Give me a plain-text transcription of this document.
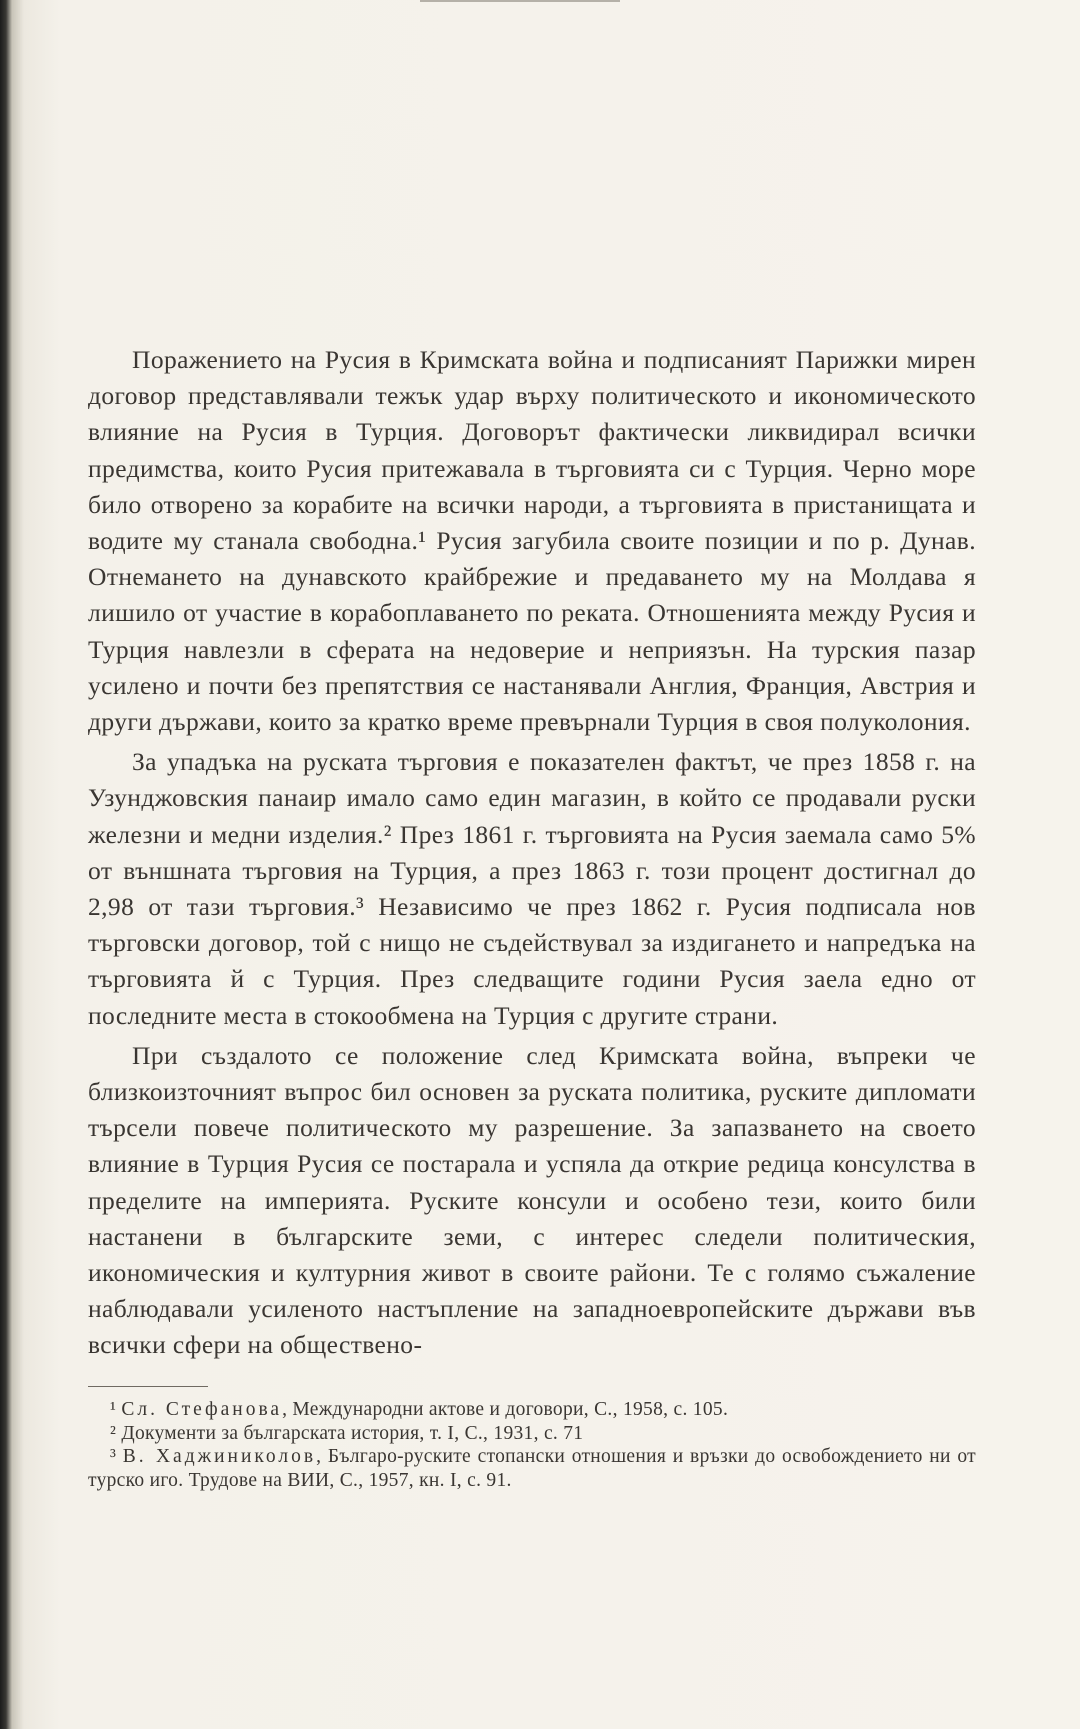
Поражението на Русия в Кримската война и подписаният Парижки мирен договор представлявали тежък удар върху политическото и икономическото влияние на Русия в Турция. Договорът фактически ликвидирал всички предимства, които Русия притежавала в търговията си с Турция. Черно море било отворено за корабите на всички народи, а търговията в пристанищата и водите му станала свободна.¹ Русия загубила своите позиции и по р. Дунав. Отнемането на дунавското крайбрежие и предаването му на Молдава я лишило от участие в корабоплаването по реката. Отношенията между Русия и Турция навлезли в сферата на недоверие и неприязън. На турския пазар усилено и почти без препятствия се настанявали Англия, Франция, Австрия и други държави, които за кратко време превърнали Турция в своя полуколония.

За упадъка на руската търговия е показателен фактът, че през 1858 г. на Узунджовския панаир имало само един магазин, в който се продавали руски железни и медни изделия.² През 1861 г. търговията на Русия заемала само 5% от външната търговия на Турция, а през 1863 г. този процент достигнал до 2,98 от тази търговия.³ Независимо че през 1862 г. Русия подписала нов търговски договор, той с нищо не съдействувал за издигането и напредъка на търговията й с Турция. През следващите години Русия заела едно от последните места в стокообмена на Турция с другите страни.

При създалото се положение след Кримската война, въпреки че близкоизточният въпрос бил основен за руската политика, руските дипломати търсели повече политическото му разрешение. За запазването на своето влияние в Турция Русия се постарала и успяла да открие редица консулства в пределите на империята. Руските консули и особено тези, които били настанени в българските земи, с интерес следели политическия, икономическия и културния живот в своите райони. Те с голямо съжаление наблюдавали усиленото настъпление на западноевропейските държави във всички сфери на обществено-

¹ Сл. Стефанова, Международни актове и договори, С., 1958, с. 105.

² Документи за българската история, т. I, С., 1931, с. 71

³ В. Хаджиниколов, Българо-руските стопански отношения и връзки до освобождението ни от турско иго. Трудове на ВИИ, С., 1957, кн. I, с. 91.
